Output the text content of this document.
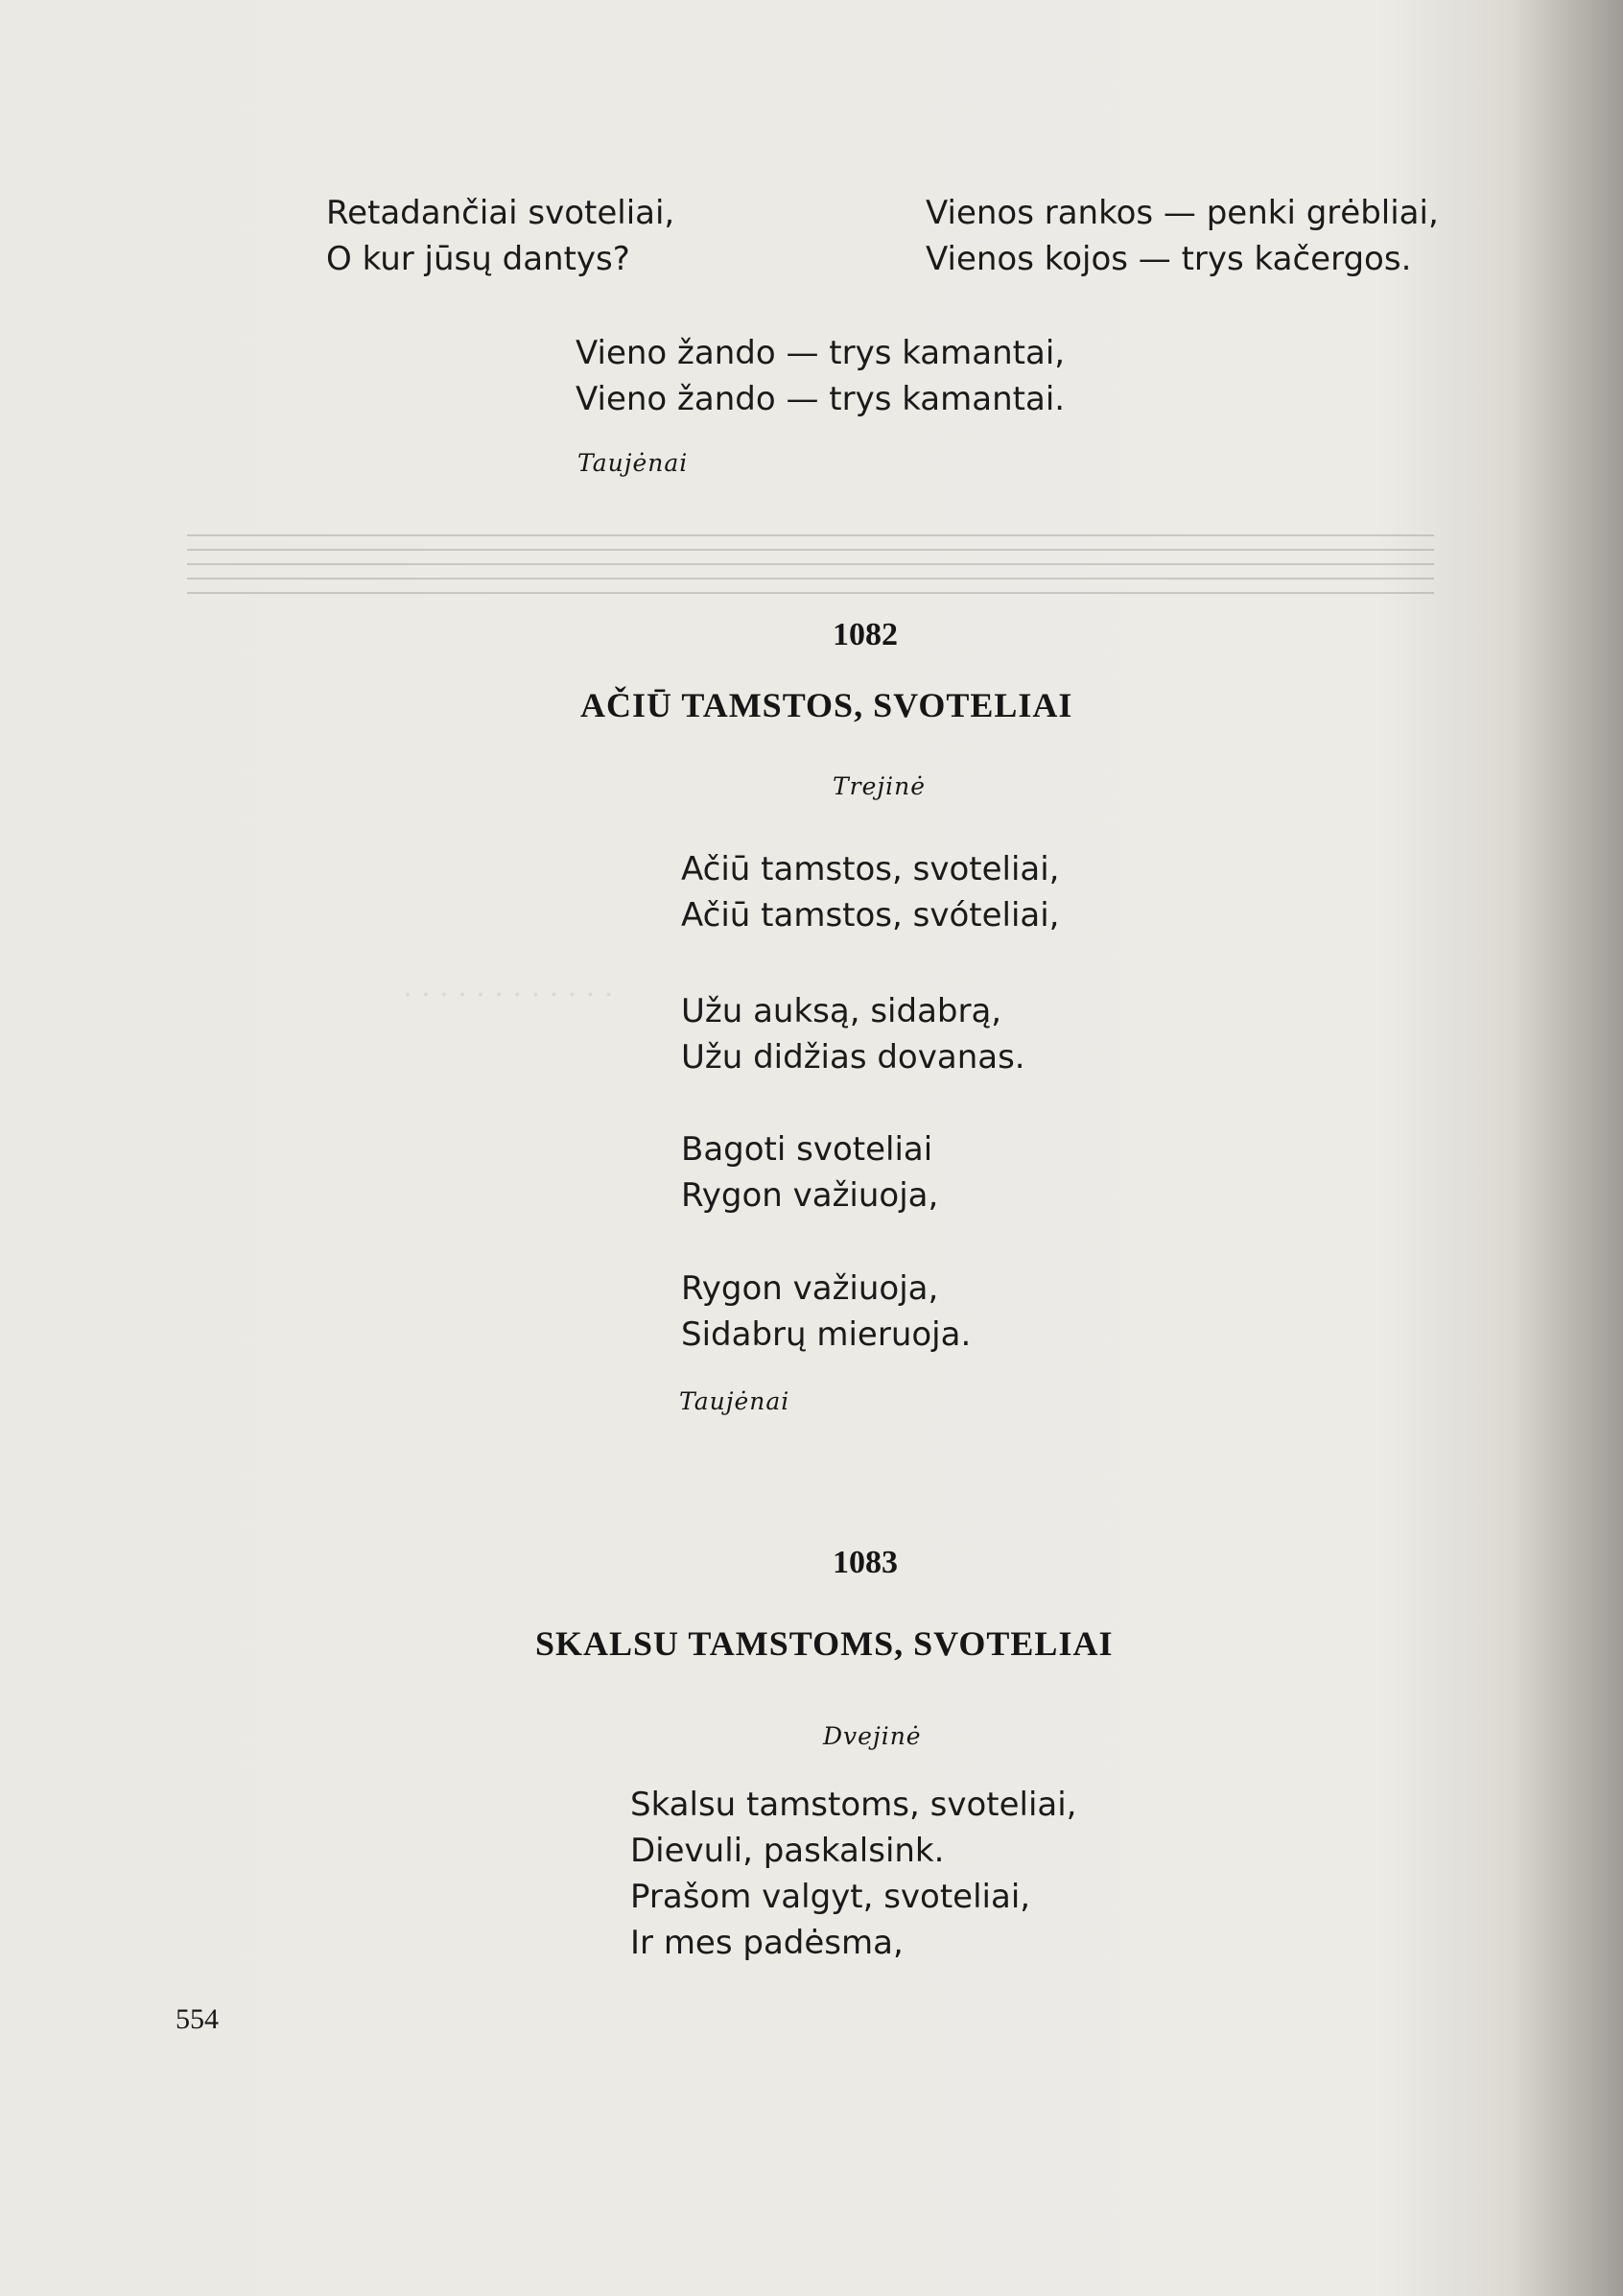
· · · · · · · · · · · ·
Retadančiai svoteliai,
O kur jūsų dantys?
Vienos rankos — penki grėbliai,
Vienos kojos — trys kačergos.
Vieno žando — trys kamantai,
Vieno žando — trys kamantai.
Taujėnai
1082
AČIŪ TAMSTOS, SVOTELIAI
Trejinė
Ačiū tamstos, svoteliai,
Ačiū tamstos, svóteliai,
Užu auksą, sidabrą,
Užu didžias dovanas.
Bagoti svoteliai
Rygon važiuoja,
Rygon važiuoja,
Sidabrų mieruoja.
Taujėnai
1083
SKALSU TAMSTOMS, SVOTELIAI
Dvejinė
Skalsu tamstoms, svoteliai,
Dievuli, paskalsink.
Prašom valgyt, svoteliai,
Ir mes padėsma,
554
